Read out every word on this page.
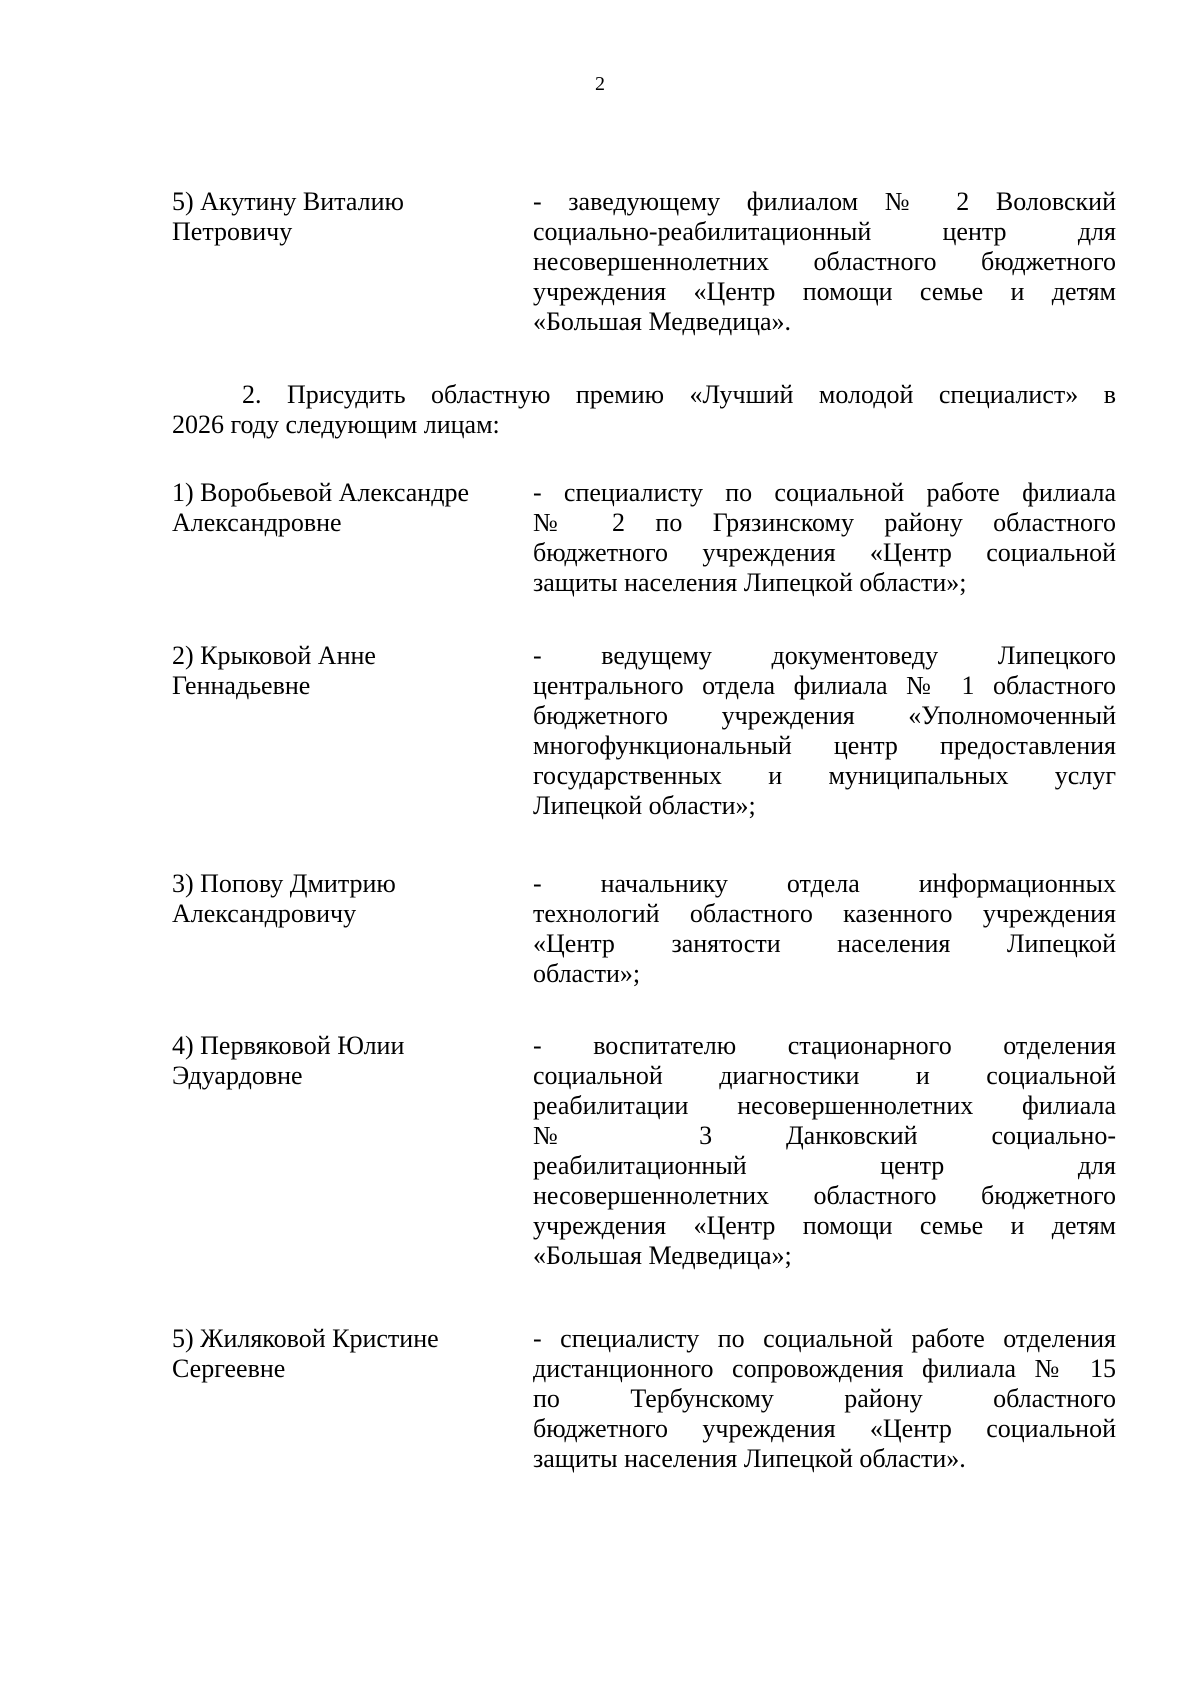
2
5) Акутину Виталию
Петровичу
- заведующему филиалом № 2 Воловский
социально-реабилитационный центр для
несовершеннолетних областного бюджетного
учреждения «Центр помощи семье и детям
«Большая Медведица».
2. Присудить областную премию «Лучший молодой специалист» в
2026 году следующим лицам:
1) Воробьевой Александре
Александровне
- специалисту по социальной работе филиала
№ 2 по Грязинскому району областного
бюджетного учреждения «Центр социальной
защиты населения Липецкой области»;
2) Крыковой Анне
Геннадьевне
- ведущему документоведу Липецкого
центрального отдела филиала № 1 областного
бюджетного учреждения «Уполномоченный
многофункциональный центр предоставления
государственных и муниципальных услуг
Липецкой области»;
3) Попову Дмитрию
Александровичу
- начальнику отдела информационных
технологий областного казенного учреждения
«Центр занятости населения Липецкой
области»;
4) Первяковой Юлии
Эдуардовне
- воспитателю стационарного отделения
социальной диагностики и социальной
реабилитации несовершеннолетних филиала
№ 3 Данковский социально-
реабилитационный центр для
несовершеннолетних областного бюджетного
учреждения «Центр помощи семье и детям
«Большая Медведица»;
5) Жиляковой Кристине
Сергеевне
- специалисту по социальной работе отделения
дистанционного сопровождения филиала № 15
по Тербунскому району областного
бюджетного учреждения «Центр социальной
защиты населения Липецкой области».
